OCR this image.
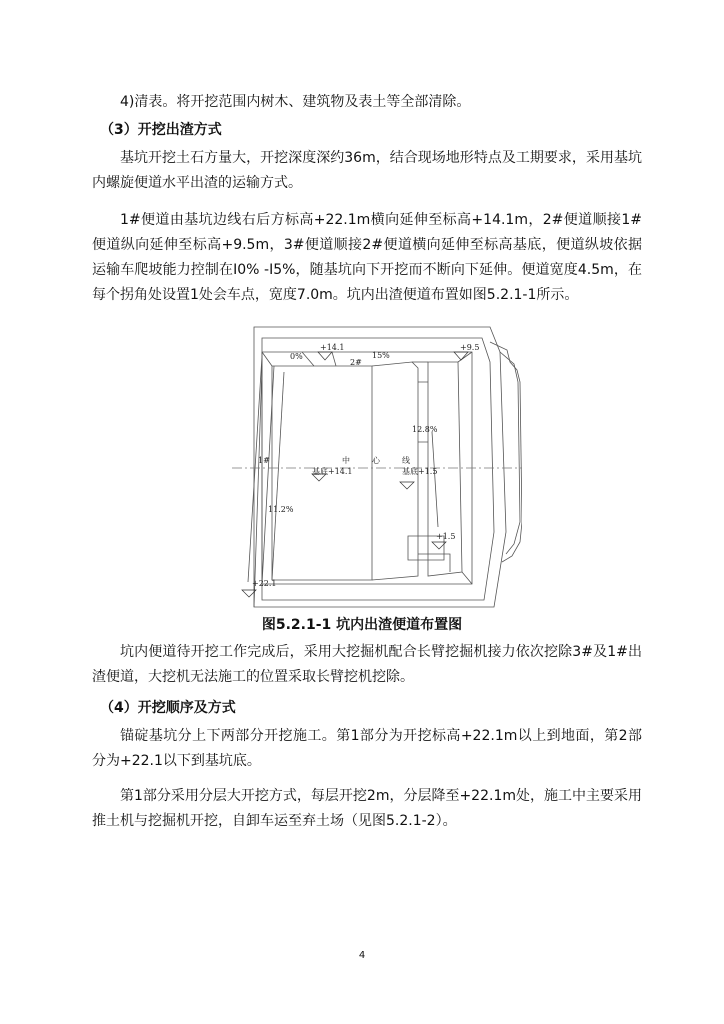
4)清表。将开挖范围内树木、建筑物及表土等全部清除。

（3）开挖出渣方式

基坑开挖土石方量大，开挖深度深约36m，结合现场地形特点及工期要求，采用基坑内螺旋便道水平出渣的运输方式。

1#便道由基坑边线右后方标高+22.1m横向延伸至标高+14.1m，2#便道顺接1#便道纵向延伸至标高+9.5m，3#便道顺接2#便道横向延伸至标高基底，便道纵坡依据运输车爬坡能力控制在I0% -I5%，随基坑向下开挖而不断向下延伸。便道宽度4.5m，在每个拐角处设置1处会车点，宽度7.0m。坑内出渣便道布置如图5.2.1-1所示。

+14.1	+9.5
0%	15%
2#
1#
12.8%
中	心	线
基底+14.1	基底+1.5
11.2%
+1.5
+22.1
图5.2.1-1 坑内出渣便道布置图

坑内便道待开挖工作完成后，采用大挖掘机配合长臂挖掘机接力依次挖除3#及1#出渣便道，大挖机无法施工的位置采取长臂挖机挖除。

（4）开挖顺序及方式

锚碇基坑分上下两部分开挖施工。第1部分为开挖标高+22.1m以上到地面，第2部分为+22.1以下到基坑底。

第1部分采用分层大开挖方式，每层开挖2m，分层降至+22.1m处，施工中主要采用推土机与挖掘机开挖，自卸车运至弃土场（见图5.2.1-2）。

4
